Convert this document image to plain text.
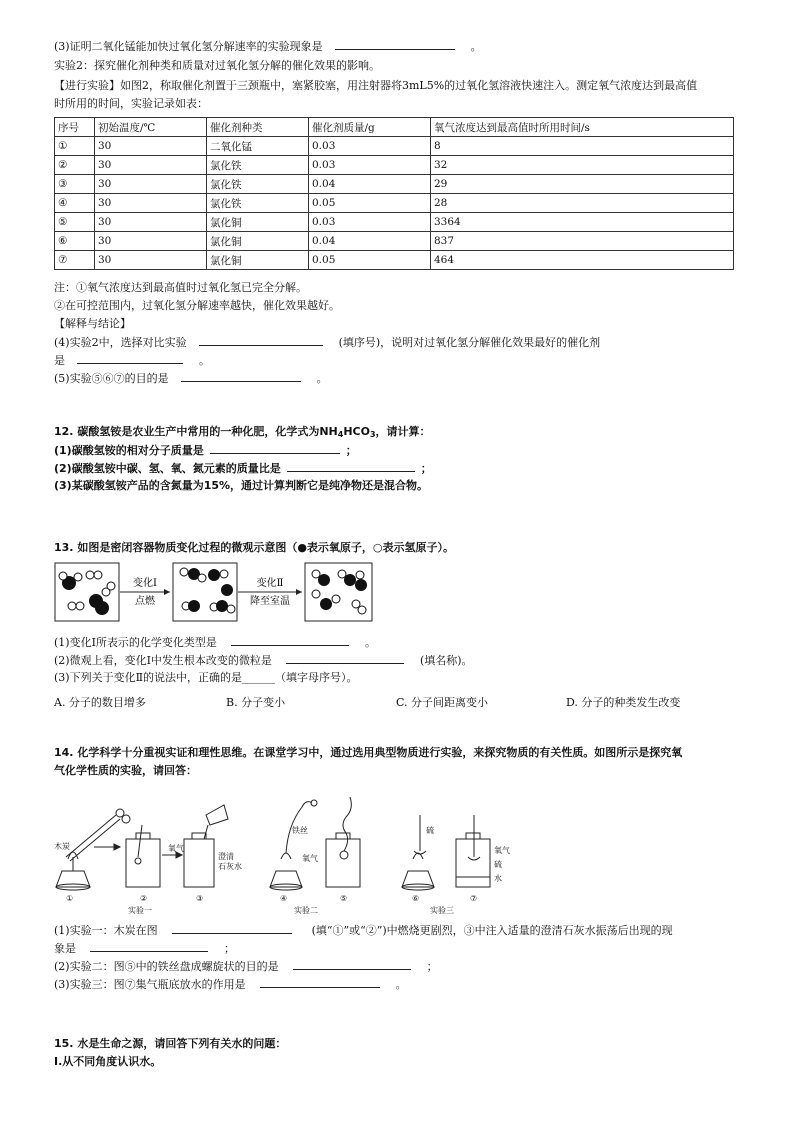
(3)证明二氧化锰能加快过氧化氢分解速率的实验现象是	。
实验2：探究催化剂种类和质量对过氧化氢分解的催化效果的影响。
【进行实验】如图2，称取催化剂置于三颈瓶中，塞紧胶塞，用注射器将3mL5%的过氧化氢溶液快速注入。测定氧气浓度达到最高值
时所用的时间，实验记录如表：
序号	初始温度/℃	催化剂种类	催化剂质量/g	氧气浓度达到最高值时所用时间/s
①	30	二氧化锰	0.03	8
②	30	氯化铁	0.03	32
③	30	氯化铁	0.04	29
④	30	氯化铁	0.05	28
⑤	30	氯化铜	0.03	3364
⑥	30	氯化铜	0.04	837
⑦	30	氯化铜	0.05	464
注：①氧气浓度达到最高值时过氧化氢已完全分解。
②在可控范围内，过氧化氢分解速率越快，催化效果越好。
【解释与结论】
(4)实验2中，选择对比实验	(填序号)，说明对过氧化氢分解催化效果最好的催化剂
是	。
(5)实验⑤⑥⑦的目的是	。
12. 碳酸氢铵是农业生产中常用的一种化肥，化学式为$NH_4HCO_3$，请计算：
(1)碳酸氢铵的相对分子质量是	；
(2)碳酸氢铵中碳、氢、氧、氮元素的质量比是	；
(3)某碳酸氢铵产品的含氮量为15%，通过计算判断它是纯净物还是混合物。
13. 如图是密闭容器物质变化过程的微观示意图（●表示氧原子，○表示氢原子）。
变化Ⅰ
点燃
变化Ⅱ
降至室温
(1)变化Ⅰ所表示的化学变化类型是	。
(2)微观上看，变化Ⅰ中发生根本改变的微粒是	(填名称)。
(3)下列关于变化Ⅱ的说法中，正确的是______（填字母序号）。
A. 分子的数目增多	B. 分子变小	C. 分子间距离变小	D. 分子的种类发生改变
14. 化学科学十分重视实证和理性思维。在课堂学习中，通过选用典型物质进行实验，来探究物质的有关性质。如图所示是探究氧
气化学性质的实验，请回答：
木炭	氧气
澄清
石灰水
铁丝
氧气
硫
氧气
硫
水
①	②	③	④	⑤	⑥	⑦
实验一	实验二	实验三
(1)实验一：木炭在图	(填“①”或“②”)中燃烧更剧烈，③中注入适量的澄清石灰水振荡后出现的现
象是	；
(2)实验二：图⑤中的铁丝盘成螺旋状的目的是	；
(3)实验三：图⑦集气瓶底放水的作用是	。
15. 水是生命之源，请回答下列有关水的问题：
Ⅰ.从不同角度认识水。
